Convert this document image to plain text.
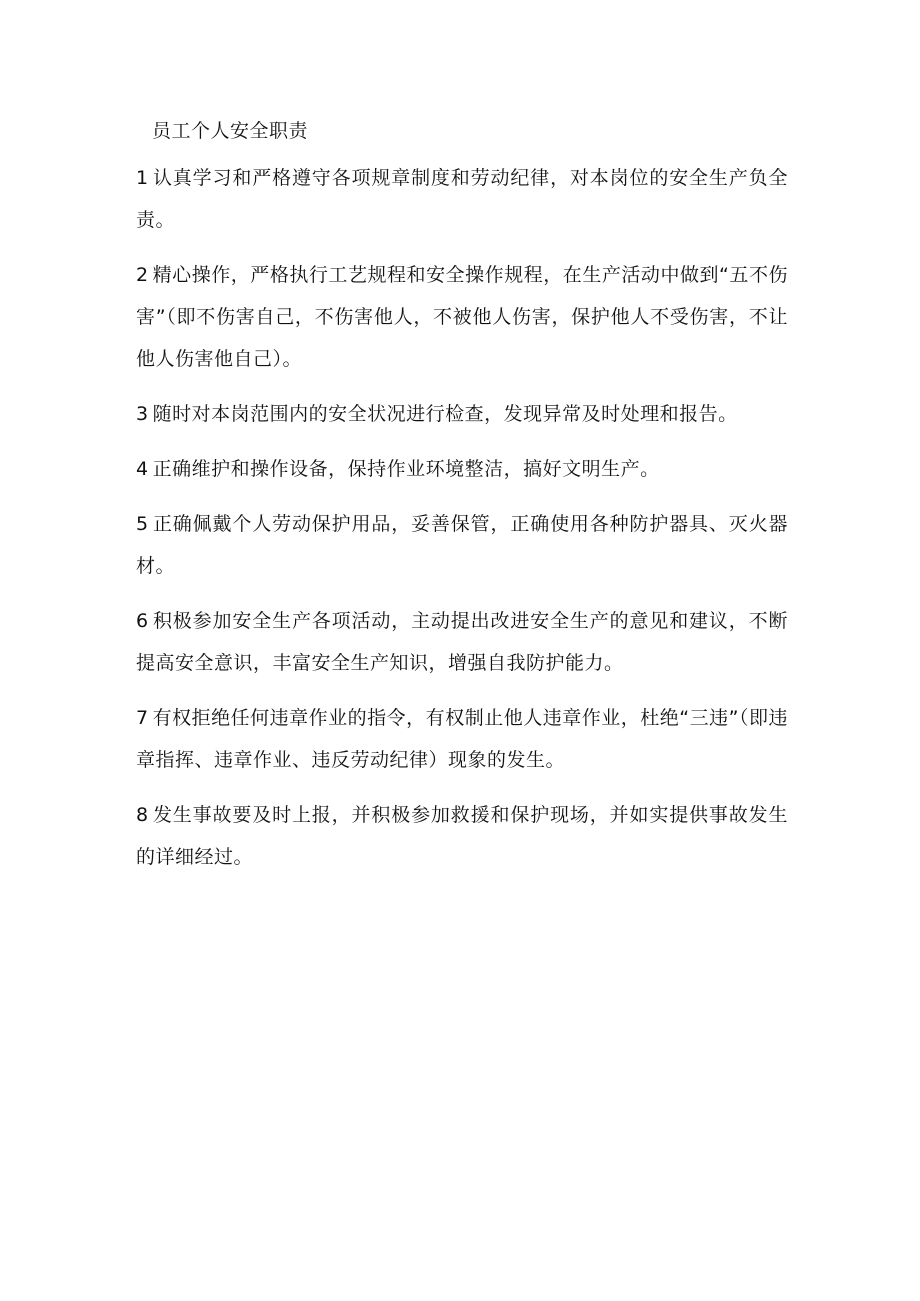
员工个人安全职责

1 认真学习和严格遵守各项规章制度和劳动纪律，对本岗位的安全生产负全责。

2 精心操作，严格执行工艺规程和安全操作规程，在生产活动中做到“五不伤害”（即不伤害自己，不伤害他人，不被他人伤害，保护他人不受伤害，不让他人伤害他自己）。

3 随时对本岗范围内的安全状况进行检查，发现异常及时处理和报告。

4 正确维护和操作设备，保持作业环境整洁，搞好文明生产。

5 正确佩戴个人劳动保护用品，妥善保管，正确使用各种防护器具、灭火器材。

6 积极参加安全生产各项活动，主动提出改进安全生产的意见和建议，不断提高安全意识，丰富安全生产知识，增强自我防护能力。

7 有权拒绝任何违章作业的指令，有权制止他人违章作业，杜绝“三违”（即违章指挥、违章作业、违反劳动纪律）现象的发生。

8 发生事故要及时上报，并积极参加救援和保护现场，并如实提供事故发生的详细经过。
